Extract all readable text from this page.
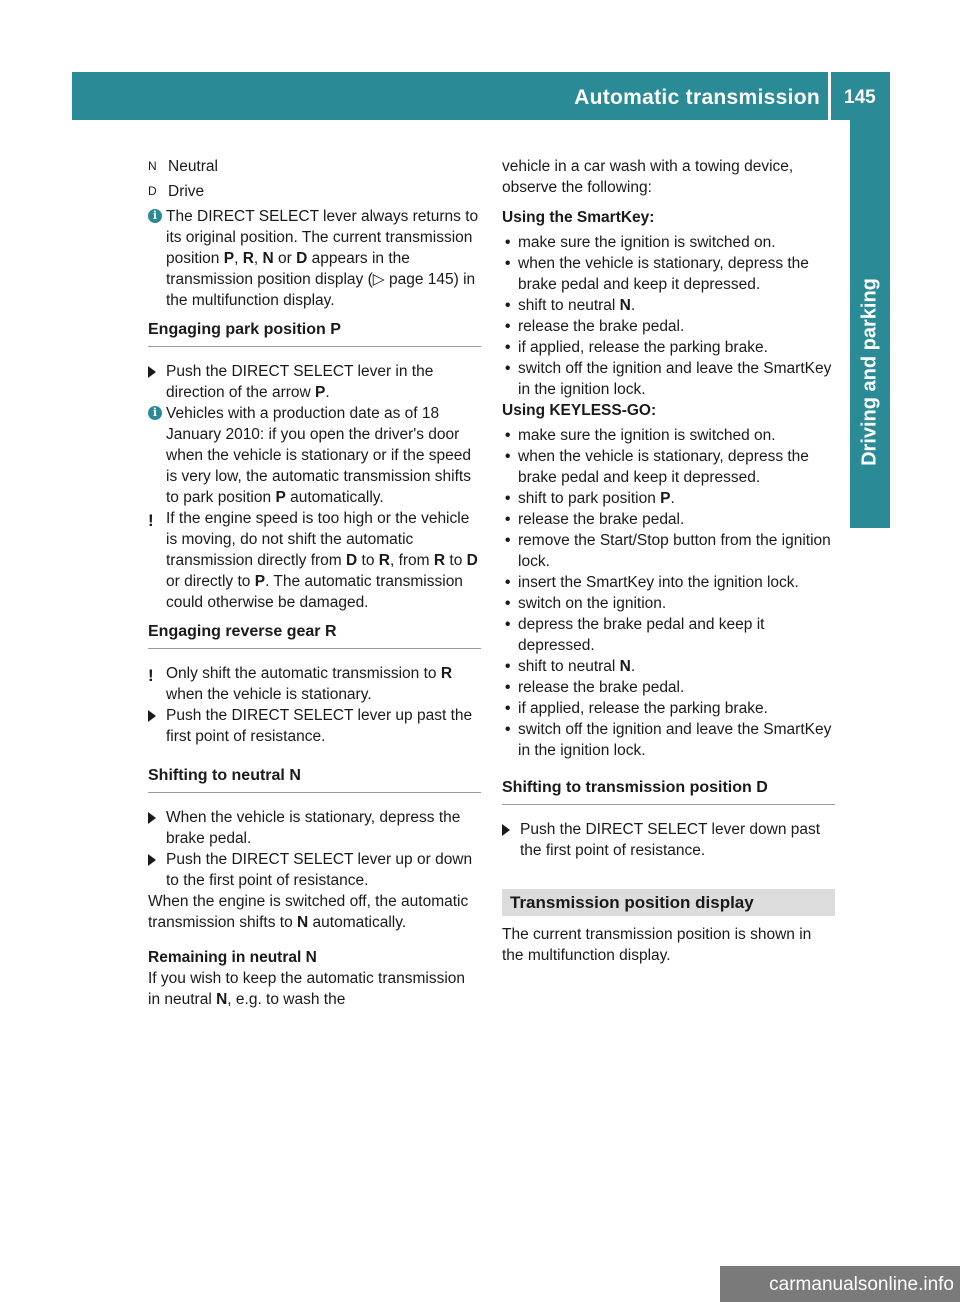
Automatic transmission 145
Driving and parking
N Neutral
D Drive

i The DIRECT SELECT lever always returns to its original position. The current transmission position P, R, N or D appears in the transmission position display (▷ page 145) in the multifunction display.

Engaging park position P

Push the DIRECT SELECT lever in the direction of the arrow P.

i Vehicles with a production date as of 18 January 2010: if you open the driver's door when the vehicle is stationary or if the speed is very low, the automatic transmission shifts to park position P automatically.

! If the engine speed is too high or the vehicle is moving, do not shift the automatic transmission directly from D to R, from R to D or directly to P. The automatic transmission could otherwise be damaged.

Engaging reverse gear R

! Only shift the automatic transmission to R when the vehicle is stationary.

Push the DIRECT SELECT lever up past the first point of resistance.

Shifting to neutral N

When the vehicle is stationary, depress the brake pedal.

Push the DIRECT SELECT lever up or down to the first point of resistance.

When the engine is switched off, the automatic transmission shifts to N automatically.

Remaining in neutral N

If you wish to keep the automatic transmission in neutral N, e.g. to wash the

vehicle in a car wash with a towing device, observe the following:

Using the SmartKey:

• make sure the ignition is switched on.

• when the vehicle is stationary, depress the brake pedal and keep it depressed.

• shift to neutral N.

• release the brake pedal.

• if applied, release the parking brake.

• switch off the ignition and leave the SmartKey in the ignition lock.

Using KEYLESS-GO:

• make sure the ignition is switched on.

• when the vehicle is stationary, depress the brake pedal and keep it depressed.

• shift to park position P.

• release the brake pedal.

• remove the Start/Stop button from the ignition lock.

• insert the SmartKey into the ignition lock.

• switch on the ignition.

• depress the brake pedal and keep it depressed.

• shift to neutral N.

• release the brake pedal.

• if applied, release the parking brake.

• switch off the ignition and leave the SmartKey in the ignition lock.

Shifting to transmission position D

Push the DIRECT SELECT lever down past the first point of resistance.

Transmission position display

The current transmission position is shown in the multifunction display.

carmanualsonline.info
